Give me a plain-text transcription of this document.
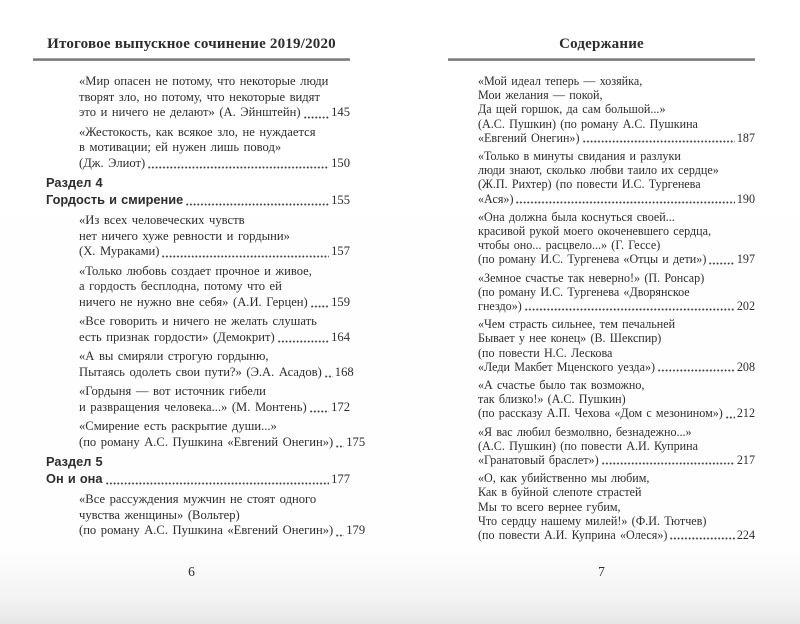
Итоговое выпускное сочинение 2019/2020
«Мир опасен не потому, что некоторые люди
творят зло, но потому, что некоторые видят
это и ничего не делают» (А. Эйнштейн) 145
«Жестокость, как всякое зло, не нуждается
в мотивации; ей нужен лишь повод»
(Дж. Элиот)	150
Раздел 4
Гордость и смирение	155
«Из всех человеческих чувств
нет ничего хуже ревности и гордыни»
(Х. Мураками)	157
«Только любовь создает прочное и живое,
а гордость бесплодна, потому что ей
ничего не нужно вне себя» (А.И. Герцен) 159
«Все говорить и ничего не желать слушать
есть признак гордости» (Демокрит)	164
«А вы смиряли строгую гордыню,
Пытаясь одолеть свои пути?» (Э.А. Асадов) 168
«Гордыня — вот источник гибели
и развращения человека...» (М. Монтень) 172
«Смирение есть раскрытие души...»
(по роману А.С. Пушкина «Евгений Онегин») 175
Раздел 5
Он и она	177
«Все рассуждения мужчин не стоят одного
чувства женщины» (Вольтер)
(по роману А.С. Пушкина «Евгений Онегин») 179
6
Содержание
«Мой идеал теперь — хозяйка,
Мои желания — покой,
Да щей горшок, да сам большой...»
(А.С. Пушкин) (по роману А.С. Пушкина
«Евгений Онегин»)	187
«Только в минуты свидания и разлуки
люди знают, сколько любви таило их сердце»
(Ж.П. Рихтер) (по повести И.С. Тургенева
«Ася»)	190
«Она должна была коснуться своей...
красивой рукой моего окоченевшего сердца,
чтобы оно... расцвело...» (Г. Гессе)
(по роману И.С. Тургенева «Отцы и дети»)	197
«Земное счастье так неверно!» (П. Ронсар)
(по роману И.С. Тургенева «Дворянское
гнездо»)	202
«Чем страсть сильнее, тем печальней
Бывает у нее конец» (В. Шекспир)
(по повести Н.С. Лескова
«Леди Макбет Мценского уезда»)	208
«А счастье было так возможно,
так близко!» (А.С. Пушкин)
(по рассказу А.П. Чехова «Дом с мезонином») 212
«Я вас любил безмолвно, безнадежно...»
(А.С. Пушкин) (по повести А.И. Куприна
«Гранатовый браслет»)	217
«О, как убийственно мы любим,
Как в буйной слепоте страстей
Мы то всего вернее губим,
Что сердцу нашему милей!» (Ф.И. Тютчев)
(по повести А.И. Куприна «Олеся»)	224
7
